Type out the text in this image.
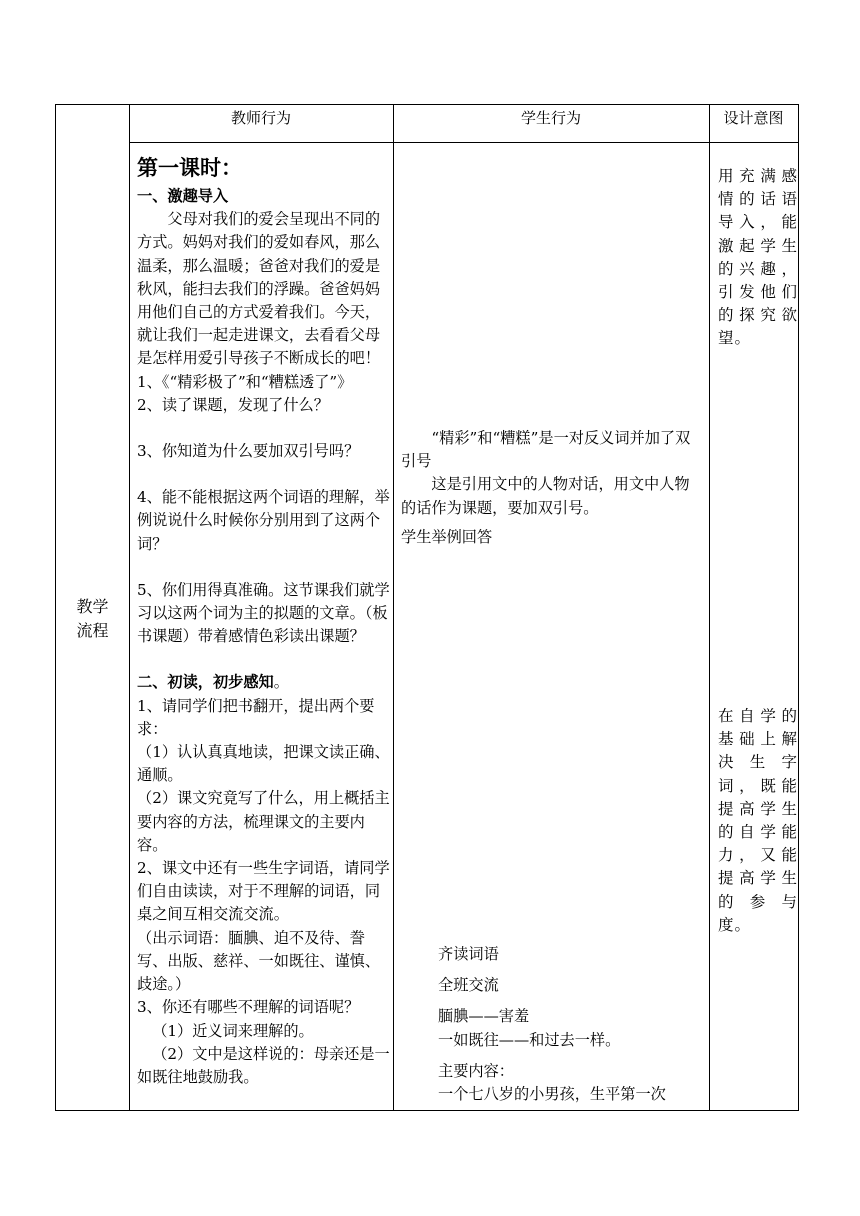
教师行为	学生行为	设计意图
教学流程

第一课时：

一、激趣导入

父母对我们的爱会呈现出不同的方式。妈妈对我们的爱如春风，那么温柔，那么温暖；爸爸对我们的爱是秋风，能扫去我们的浮躁。爸爸妈妈用他们自己的方式爱着我们。今天，就让我们一起走进课文，去看看父母是怎样用爱引导孩子不断成长的吧！

1、《“精彩极了”和“糟糕透了”》

2、读了课题，发现了什么？

3、你知道为什么要加双引号吗？

4、能不能根据这两个词语的理解，举例说说什么时候你分别用到了这两个词？

5、你们用得真准确。这节课我们就学习以这两个词为主的拟题的文章。（板书课题）带着感情色彩读出课题？

二、初读，初步感知。

1、请同学们把书翻开，提出两个要求：

（1）认认真真地读，把课文读正确、通顺。

（2）课文究竟写了什么，用上概括主要内容的方法，梳理课文的主要内容。

2、课文中还有一些生字词语，请同学们自由读读，对于不理解的词语，同桌之间互相交流交流。

（出示词语：腼腆、迫不及待、誊写、出版、慈祥、一如既往、谨慎、歧途。）

3、你还有哪些不理解的词语呢？

（1）近义词来理解的。

（2）文中是这样说的：母亲还是一如既往地鼓励我。

“精彩”和“糟糕”是一对反义词并加了双引号

这是引用文中的人物对话，用文中人物的话作为课题，要加双引号。

学生举例回答

齐读词语

全班交流

腼腆——害羞

一如既往——和过去一样。

主要内容：

一个七八岁的小男孩，生平第一次

用充满感情的话语导入，能激起学生的兴趣，引发他们的探究欲望。

在自学的基础上解决生字词，既能提高学生的自学能力，又能提高学生的参与度。
